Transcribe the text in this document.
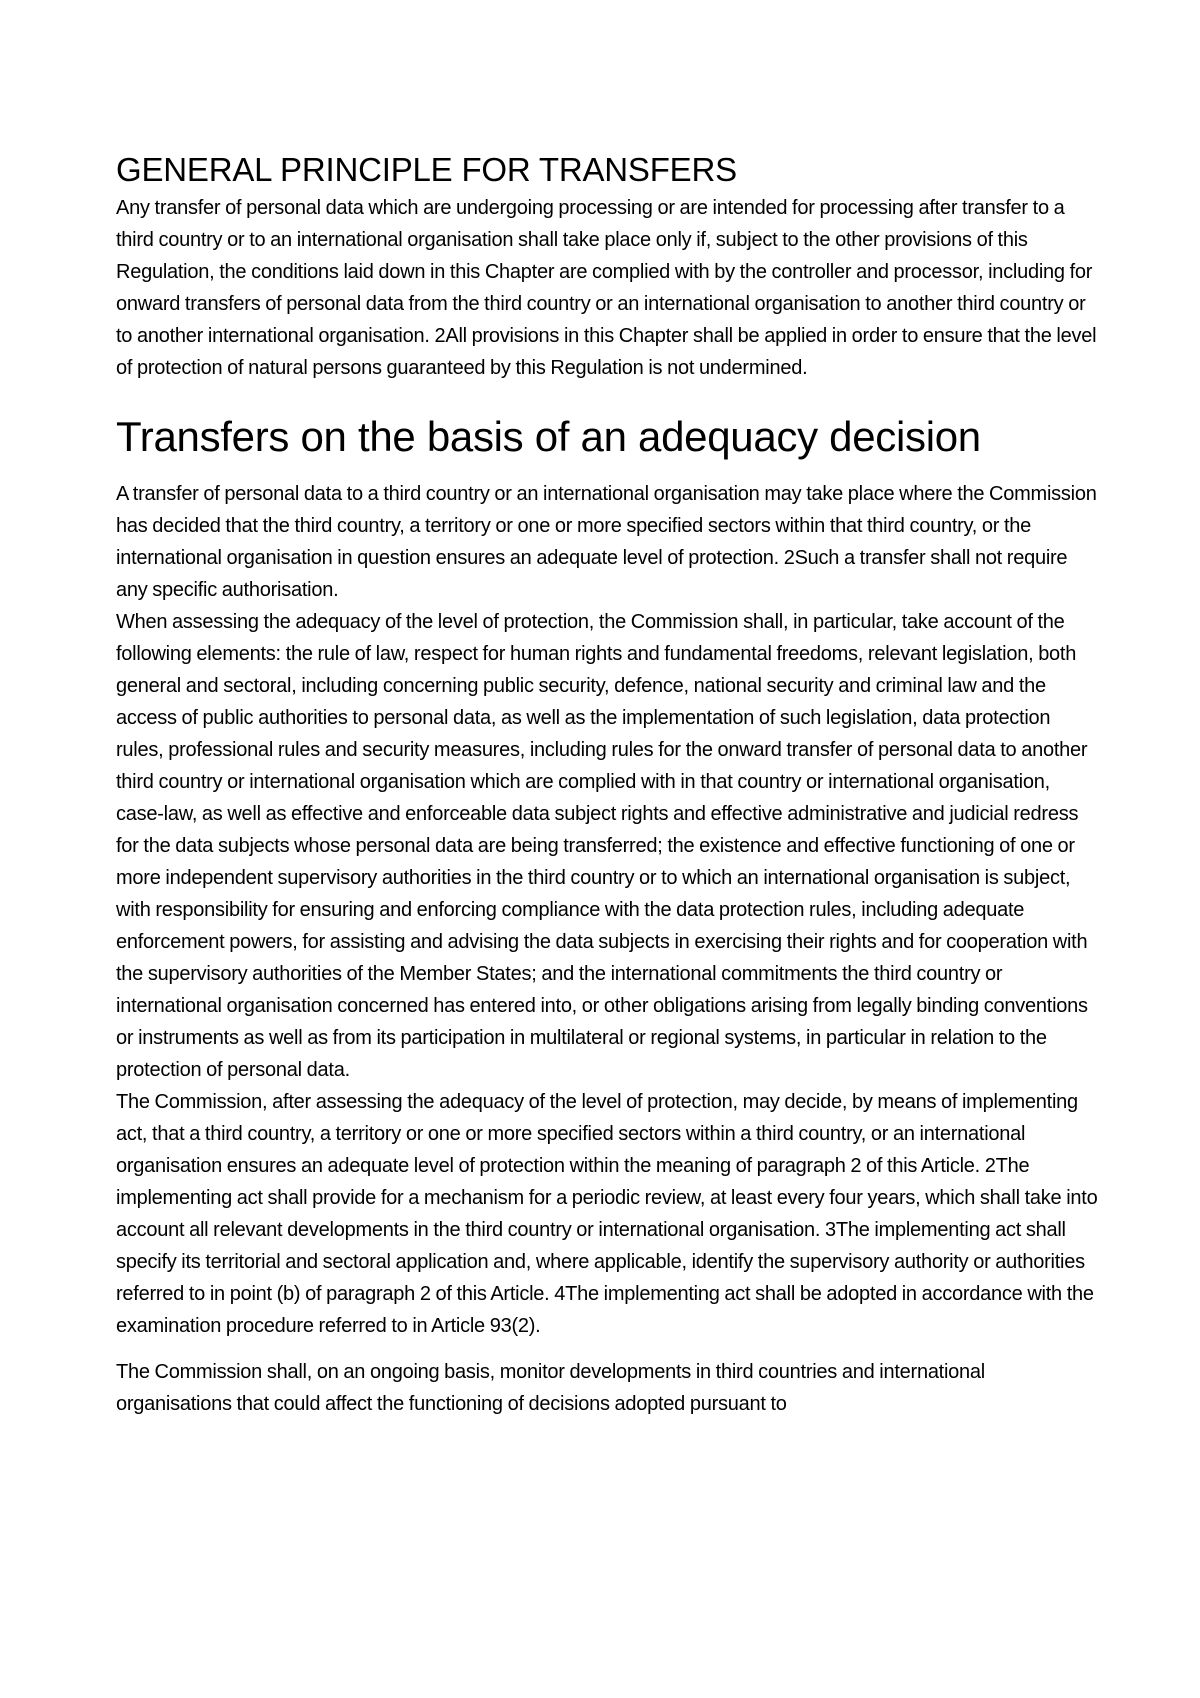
GENERAL PRINCIPLE FOR TRANSFERS

Any transfer of personal data which are undergoing processing or are intended for processing after transfer to a third country or to an international organisation shall take place only if, subject to the other provisions of this Regulation, the conditions laid down in this Chapter are complied with by the controller and processor, including for onward transfers of personal data from the third country or an international organisation to another third country or to another international organisation. 2All provisions in this Chapter shall be applied in order to ensure that the level of protection of natural persons guaranteed by this Regulation is not undermined.

Transfers on the basis of an adequacy decision

A transfer of personal data to a third country or an international organisation may take place where the Commission has decided that the third country, a territory or one or more specified sectors within that third country, or the international organisation in question ensures an adequate level of protection. 2Such a transfer shall not require any specific authorisation.

When assessing the adequacy of the level of protection, the Commission shall, in particular, take account of the following elements: the rule of law, respect for human rights and fundamental freedoms, relevant legislation, both general and sectoral, including concerning public security, defence, national security and criminal law and the access of public authorities to personal data, as well as the implementation of such legislation, data protection rules, professional rules and security measures, including rules for the onward transfer of personal data to another third country or international organisation which are complied with in that country or international organisation, case-law, as well as effective and enforceable data subject rights and effective administrative and judicial redress for the data subjects whose personal data are being transferred; the existence and effective functioning of one or more independent supervisory authorities in the third country or to which an international organisation is subject, with responsibility for ensuring and enforcing compliance with the data protection rules, including adequate enforcement powers, for assisting and advising the data subjects in exercising their rights and for cooperation with the supervisory authorities of the Member States; and the international commitments the third country or international organisation concerned has entered into, or other obligations arising from legally binding conventions or instruments as well as from its participation in multilateral or regional systems, in particular in relation to the protection of personal data.

The Commission, after assessing the adequacy of the level of protection, may decide, by means of implementing act, that a third country, a territory or one or more specified sectors within a third country, or an international organisation ensures an adequate level of protection within the meaning of paragraph 2 of this Article. 2The implementing act shall provide for a mechanism for a periodic review, at least every four years, which shall take into account all relevant developments in the third country or international organisation. 3The implementing act shall specify its territorial and sectoral application and, where applicable, identify the supervisory authority or authorities referred to in point (b) of paragraph 2 of this Article. 4The implementing act shall be adopted in accordance with the examination procedure referred to in Article 93(2).

The Commission shall, on an ongoing basis, monitor developments in third countries and international organisations that could affect the functioning of decisions adopted pursuant to
